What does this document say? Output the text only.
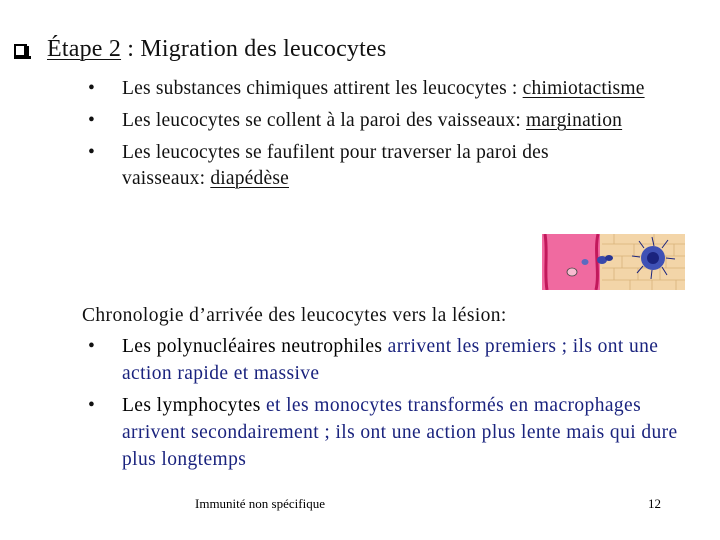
Étape 2 : Migration des leucocytes
•	Les substances chimiques attirent les leucocytes : chimiotactisme
•	Les leucocytes se collent à la paroi des vaisseaux: margination
•	Les leucocytes se faufilent pour traverser la paroi des vaisseaux: diapédèse
Chronologie d’arrivée des leucocytes vers la lésion:
•	Les polynucléaires neutrophiles arrivent les premiers ; ils ont une action rapide et massive
•	Les lymphocytes et les monocytes transformés en macrophages arrivent secondairement ; ils ont une action plus lente mais qui dure plus longtemps
Immunité non spécifique	12
